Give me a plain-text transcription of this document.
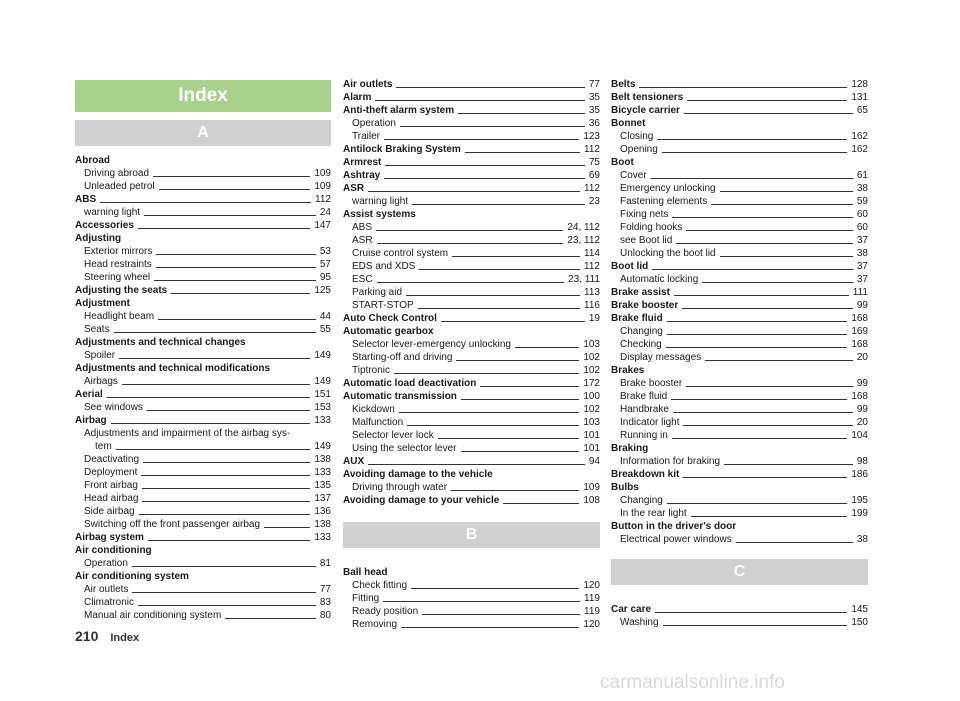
Index
A
Abroad
Driving abroad	109
Unleaded petrol	109
ABS	112
warning light	24
Accessories	147
Adjusting
Exterior mirrors	53
Head restraints	57
Steering wheel	95
Adjusting the seats	125
Adjustment
Headlight beam	44
Seats	55
Adjustments and technical changes
Spoiler	149
Adjustments and technical modifications
Airbags	149
Aerial	151
See windows	153
Airbag	133
Adjustments and impairment of the airbag sys-
tem	149
Deactivating	138
Deployment	133
Front airbag	135
Head airbag	137
Side airbag	136
Switching off the front passenger airbag	138
Airbag system	133
Air conditioning
Operation	81
Air conditioning system
Air outlets	77
Climatronic	83
Manual air conditioning system	80
Air outlets	77
Alarm	35
Anti-theft alarm system	35
Operation	36
Trailer	123
Antilock Braking System	112
Armrest	75
Ashtray	69
ASR	112
warning light	23
Assist systems
ABS	24, 112
ASR	23, 112
Cruise control system	114
EDS and XDS	112
ESC	23, 111
Parking aid	113
START-STOP	116
Auto Check Control	19
Automatic gearbox
Selector lever-emergency unlocking	103
Starting-off and driving	102
Tiptronic	102
Automatic load deactivation	172
Automatic transmission	100
Kickdown	102
Malfunction	103
Selector lever lock	101
Using the selector lever	101
AUX	94
Avoiding damage to the vehicle
Driving through water	109
Avoiding damage to your vehicle	108
B
Ball head
Check fitting	120
Fitting	119
Ready position	119
Removing	120
Belts	128
Belt tensioners	131
Bicycle carrier	65
Bonnet
Closing	162
Opening	162
Boot
Cover	61
Emergency unlocking	38
Fastening elements	59
Fixing nets	60
Folding hooks	60
see Boot lid	37
Unlocking the boot lid	38
Boot lid	37
Automatic locking	37
Brake assist	111
Brake booster	99
Brake fluid	168
Changing	169
Checking	168
Display messages	20
Brakes
Brake booster	99
Brake fluid	168
Handbrake	99
Indicator light	20
Running in	104
Braking
Information for braking	98
Breakdown kit	186
Bulbs
Changing	195
In the rear light	199
Button in the driver's door
Electrical power windows	38
C
Car care	145
Washing	150
210 Index
carmanualsonline.info
